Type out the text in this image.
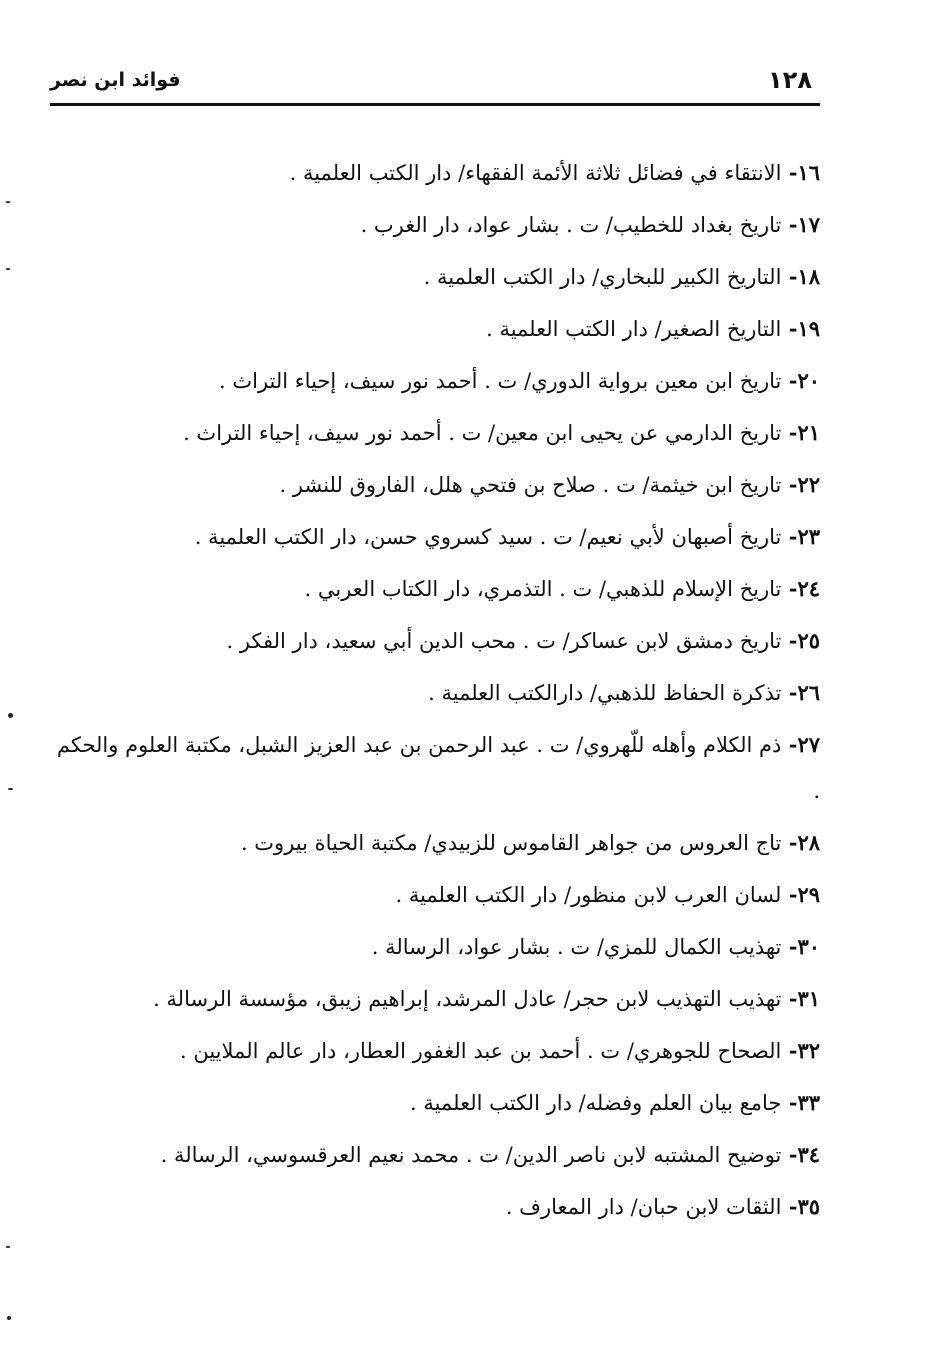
فوائد ابن نصر	١٢٨
١٦- الانتقاء في فضائل ثلاثة الأئمة الفقهاء/ دار الكتب العلمية .
١٧- تاريخ بغداد للخطيب/ ت . بشار عواد، دار الغرب .
١٨- التاريخ الكبير للبخاري/ دار الكتب العلمية .
١٩- التاريخ الصغير/ دار الكتب العلمية .
٢٠- تاريخ ابن معين برواية الدوري/ ت . أحمد نور سيف، إحياء التراث .
٢١- تاريخ الدارمي عن يحيى ابن معين/ ت . أحمد نور سيف، إحياء التراث .
٢٢- تاريخ ابن خيثمة/ ت . صلاح بن فتحي هلل، الفاروق للنشر .
٢٣- تاريخ أصبهان لأبي نعيم/ ت . سيد كسروي حسن، دار الكتب العلمية .
٢٤- تاريخ الإسلام للذهبي/ ت . التذمري، دار الكتاب العربي .
٢٥- تاريخ دمشق لابن عساكر/ ت . محب الدين أبي سعيد، دار الفكر .
٢٦- تذكرة الحفاظ للذهبي/ دارالكتب العلمية .
٢٧- ذم الكلام وأهله للّهروي/ ت . عبد الرحمن بن عبد العزيز الشبل، مكتبة العلوم والحكم .
٢٨- تاج العروس من جواهر القاموس للزبيدي/ مكتبة الحياة بيروت .
٢٩- لسان العرب لابن منظور/ دار الكتب العلمية .
٣٠- تهذيب الكمال للمزي/ ت . بشار عواد، الرسالة .
٣١- تهذيب التهذيب لابن حجر/ عادل المرشد، إبراهيم زيبق، مؤسسة الرسالة .
٣٢- الصحاح للجوهري/ ت . أحمد بن عبد الغفور العطار، دار عالم الملايين .
٣٣- جامع بيان العلم وفضله/ دار الكتب العلمية .
٣٤- توضيح المشتبه لابن ناصر الدين/ ت . محمد نعيم العرقسوسي، الرسالة .
٣٥- الثقات لابن حبان/ دار المعارف .
